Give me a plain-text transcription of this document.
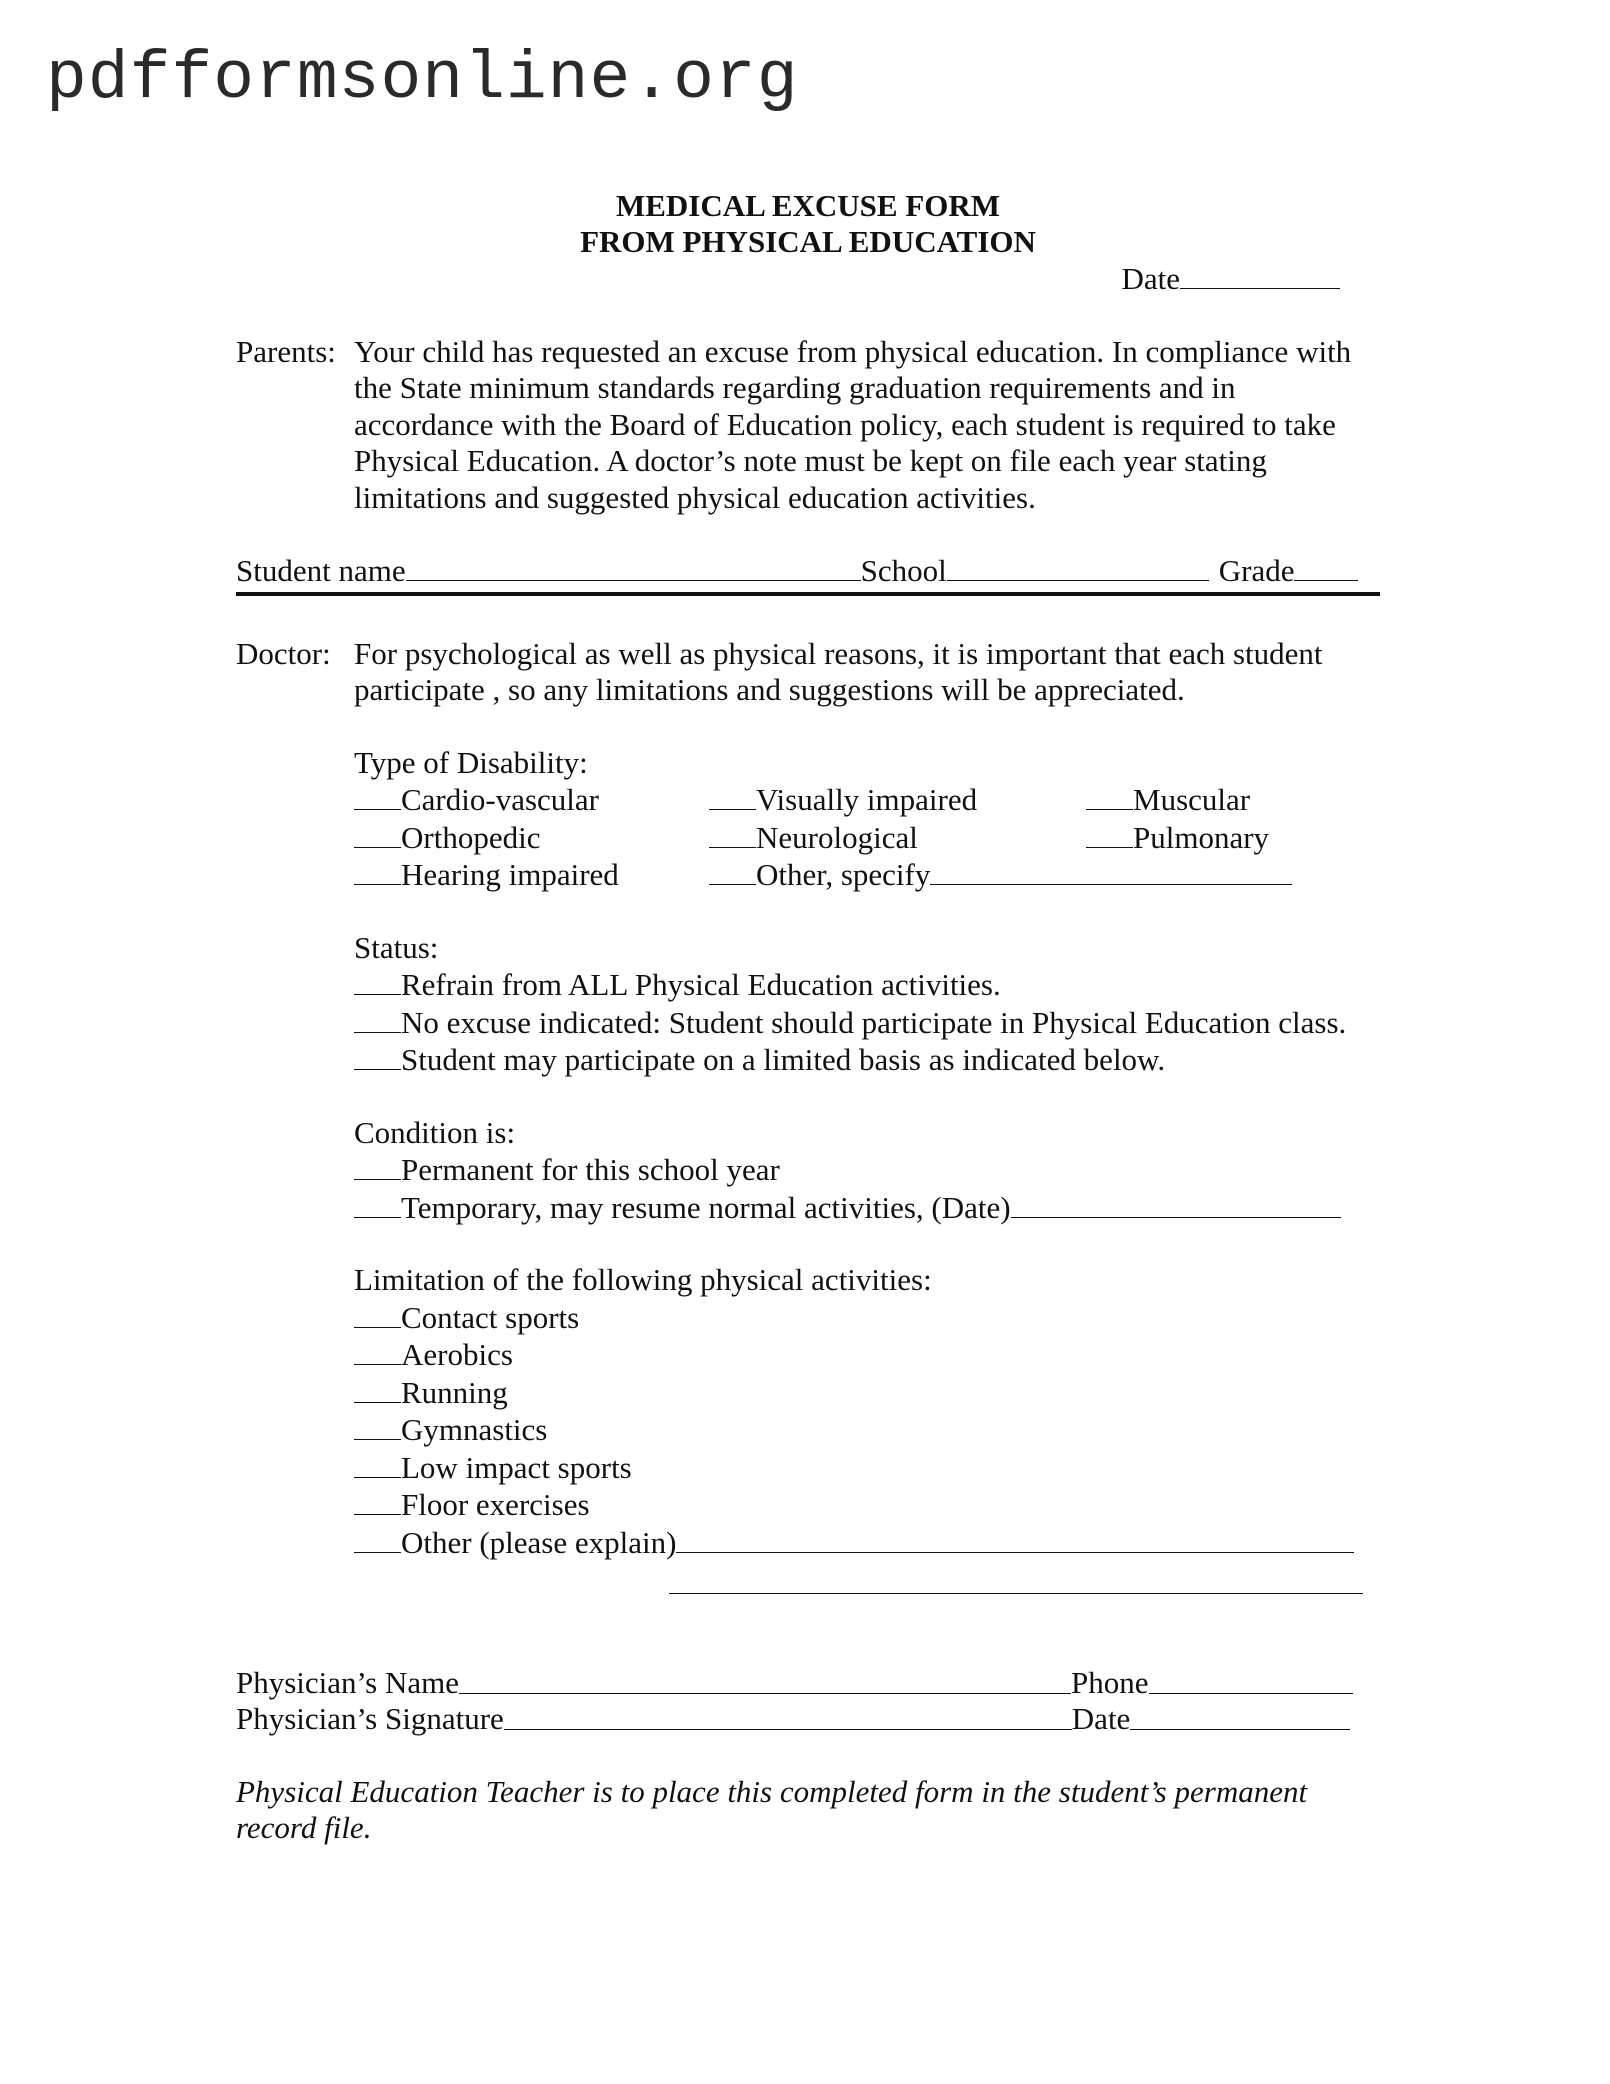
pdfformsonline.org
MEDICAL EXCUSE FORM
FROM PHYSICAL EDUCATION
Date
Parents: Your child has requested an excuse from physical education. In compliance with the State minimum standards regarding graduation requirements and in accordance with the Board of Education policy, each student is required to take Physical Education. A doctor’s note must be kept on file each year stating limitations and suggested physical education activities.
Student name	School	Grade
Doctor: For psychological as well as physical reasons, it is important that each student participate , so any limitations and suggestions will be appreciated.
Type of Disability:
Cardio-vascular	Visually impaired	Muscular
Orthopedic	Neurological	Pulmonary
Hearing impaired	Other, specify
Status:
Refrain from ALL Physical Education activities.
No excuse indicated: Student should participate in Physical Education class.
Student may participate on a limited basis as indicated below.
Condition is:
Permanent for this school year
Temporary, may resume normal activities, (Date)
Limitation of the following physical activities:
Contact sports
Aerobics
Running
Gymnastics
Low impact sports
Floor exercises
Other (please explain)
Physician’s Name	Phone
Physician’s Signature	Date
Physical Education Teacher is to place this completed form in the student’s permanent record file.
